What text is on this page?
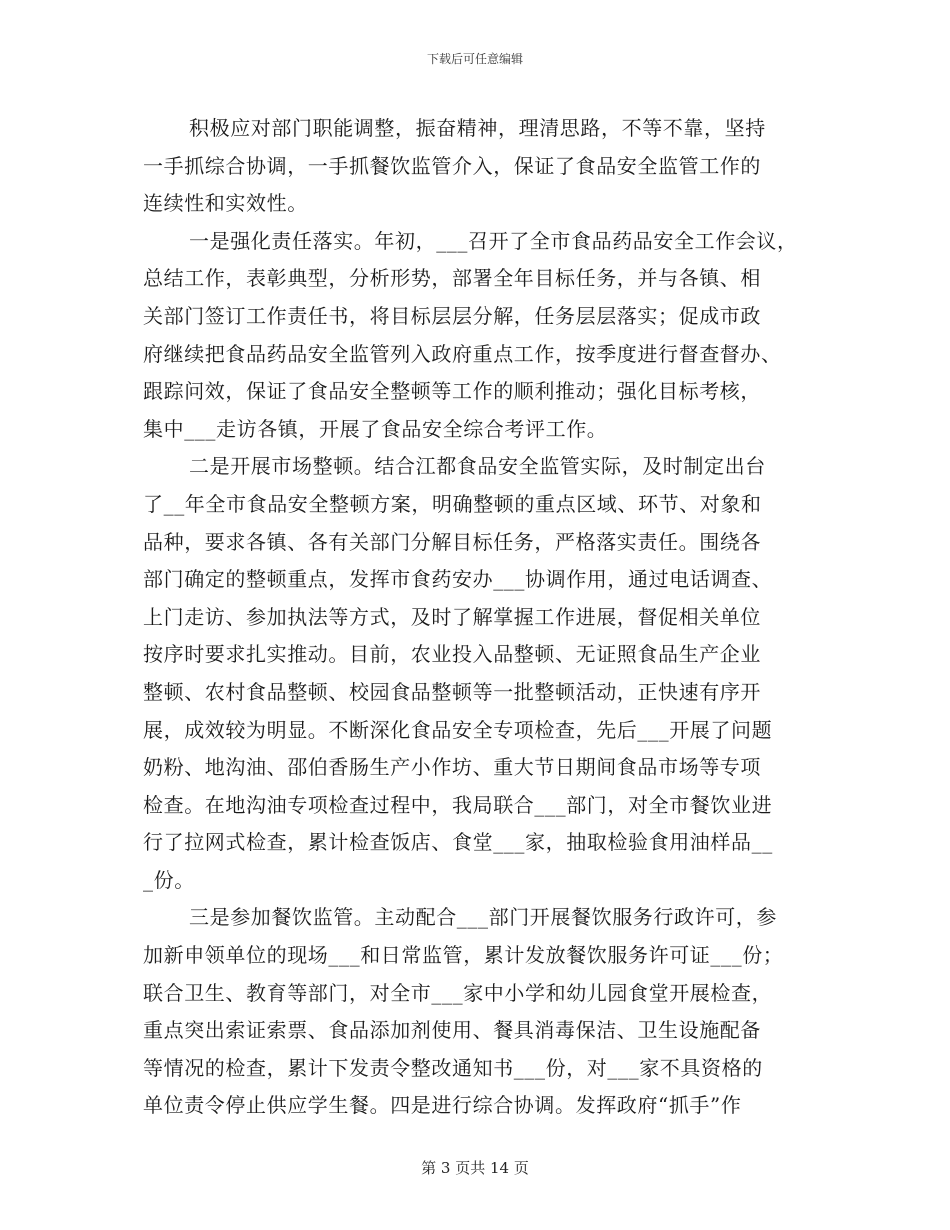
下载后可任意编辑
积极应对部门职能调整，振奋精神，理清思路，不等不靠，坚持
一手抓综合协调，一手抓餐饮监管介入，保证了食品安全监管工作的
连续性和实效性。
一是强化责任落实。年初，___召开了全市食品药品安全工作会议，
总结工作，表彰典型，分析形势，部署全年目标任务，并与各镇、相
关部门签订工作责任书，将目标层层分解，任务层层落实；促成市政
府继续把食品药品安全监管列入政府重点工作，按季度进行督查督办、
跟踪问效，保证了食品安全整顿等工作的顺利推动；强化目标考核，
集中___走访各镇，开展了食品安全综合考评工作。
二是开展市场整顿。结合江都食品安全监管实际，及时制定出台
了__年全市食品安全整顿方案，明确整顿的重点区域、环节、对象和
品种，要求各镇、各有关部门分解目标任务，严格落实责任。围绕各
部门确定的整顿重点，发挥市食药安办___协调作用，通过电话调查、
上门走访、参加执法等方式，及时了解掌握工作进展，督促相关单位
按序时要求扎实推动。目前，农业投入品整顿、无证照食品生产企业
整顿、农村食品整顿、校园食品整顿等一批整顿活动，正快速有序开
展，成效较为明显。不断深化食品安全专项检查，先后___开展了问题
奶粉、地沟油、邵伯香肠生产小作坊、重大节日期间食品市场等专项
检查。在地沟油专项检查过程中，我局联合___部门，对全市餐饮业进
行了拉网式检查，累计检查饭店、食堂___家，抽取检验食用油样品__
_份。
三是参加餐饮监管。主动配合___部门开展餐饮服务行政许可，参
加新申领单位的现场___和日常监管，累计发放餐饮服务许可证___份；
联合卫生、教育等部门，对全市___家中小学和幼儿园食堂开展检查，
重点突出索证索票、食品添加剂使用、餐具消毒保洁、卫生设施配备
等情况的检查，累计下发责令整改通知书___份，对___家不具资格的
单位责令停止供应学生餐。四是进行综合协调。发挥政府“抓手”作
第 3 页共 14 页
